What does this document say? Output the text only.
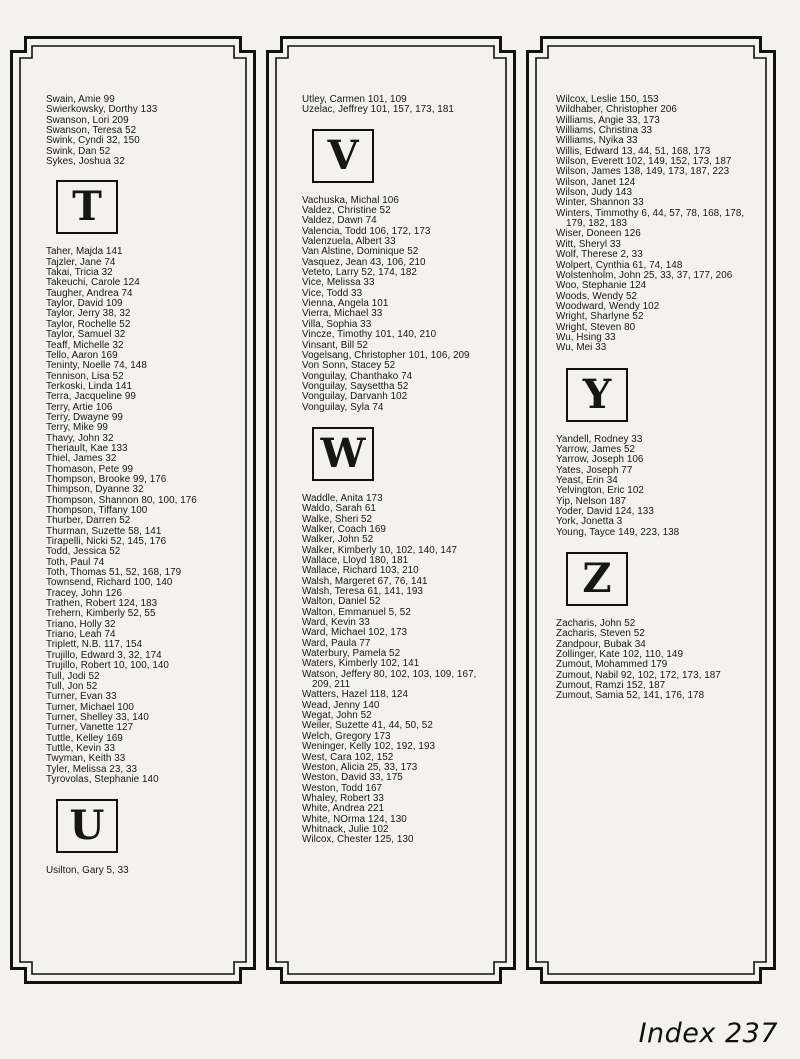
Swain, Amie 99
Swierkowsky, Dorthy 133
Swanson, Lori 209
Swanson, Teresa 52
Swink, Cyndi 32, 150
Swink, Dan 52
Sykes, Joshua 32
T
Taher, Majda 141
Tajzler, Jane 74
Takai, Tricia 32
Takeuchi, Carole 124
Taugher, Andrea 74
Taylor, David 109
Taylor, Jerry 38, 32
Taylor, Rochelle 52
Taylor, Samuel 32
Teaff, Michelle 32
Tello, Aaron 169
Teninty, Noelle 74, 148
Tennison, Lisa 52
Terkoski, Linda 141
Terra, Jacqueline 99
Terry, Artie 106
Terry, Dwayne 99
Terry, Mike 99
Thavy, John 32
Theriault, Kae 133
Thiel, James 32
Thomason, Pete 99
Thompson, Brooke 99, 176
Thimpson, Dyanne 32
Thompson, Shannon 80, 100, 176
Thompson, Tiffany 100
Thurber, Darren 52
Thurman, Suzette 58, 141
Tirapelli, Nicki 52, 145, 176
Todd, Jessica 52
Toth, Paul 74
Toth, Thomas 51, 52, 168, 179
Townsend, Richard 100, 140
Tracey, John 126
Trathen, Robert 124, 183
Trehern, Kimberly 52, 55
Triano, Holly 32
Triano, Leah 74
Triplett, N.B. 117, 154
Trujillo, Edward 3, 32, 174
Trujillo, Robert 10, 100, 140
Tull, Jodi 52
Tull, Jon 52
Turner, Evan 33
Turner, Michael 100
Turner, Shelley 33, 140
Turner, Vanette 127
Tuttle, Kelley 169
Tuttle, Kevin 33
Twyman, Keith 33
Tyler, Melissa 23, 33
Tyrovolas, Stephanie 140
U
Usilton, Gary 5, 33
Utley, Carmen 101, 109
Uzelac, Jeffrey 101, 157, 173, 181
V
Vachuska, Michal 106
Valdez, Christine 52
Valdez, Dawn 74
Valencia, Todd 106, 172, 173
Valenzuela, Albert 33
Van Alstine, Dominique 52
Vasquez, Jean 43, 106, 210
Veteto, Larry 52, 174, 182
Vice, Melissa 33
Vice, Todd 33
Vienna, Angela 101
Vierra, Michael 33
Villa, Sophia 33
Vincze, Timothy 101, 140, 210
Vinsant, Bill 52
Vogelsang, Christopher 101, 106, 209
Von Sonn, Stacey 52
Vonguilay, Chanthako 74
Vonguilay, Saysettha 52
Vonguilay, Darvanh 102
Vonguilay, Syla 74
W
Waddle, Anita 173
Waldo, Sarah 61
Walke, Sheri 52
Walker, Coach 169
Walker, John 52
Walker, Kimberly 10, 102, 140, 147
Wallace, Lloyd 180, 181
Wallace, Richard 103, 210
Walsh, Margeret 67, 76, 141
Walsh, Teresa 61, 141, 193
Walton, Daniel 52
Walton, Emmanuel 5, 52
Ward, Kevin 33
Ward, Michael 102, 173
Ward, Paula 77
Waterbury, Pamela 52
Waters, Kimberly 102, 141
Watson, Jeffery 80, 102, 103, 109, 167, 209, 211
Watters, Hazel 118, 124
Wead, Jenny 140
Wegat, John 52
Weiler, Suzette 41, 44, 50, 52
Welch, Gregory 173
Weninger, Kelly 102, 192, 193
West, Cara 102, 152
Weston, Alicia 25, 33, 173
Weston, David 33, 175
Weston, Todd 167
Whaley, Robert 33
White, Andrea 221
White, NOrma 124, 130
Whitnack, Julie 102
Wilcox, Chester 125, 130
Wilcox, Leslie 150, 153
Wildhaber, Christopher 206
Williams, Angie 33, 173
Williams, Christina 33
Williams, Nyika 33
Willis, Edward 13, 44, 51, 168, 173
Wilson, Everett 102, 149, 152, 173, 187
Wilson, James 138, 149, 173, 187, 223
Wilson, Janet 124
Wilson, Judy 143
Winter, Shannon 33
Winters, Timmothy 6, 44, 57, 78, 168, 178, 179, 182, 183
Wiser, Doneen 126
Witt, Sheryl 33
Wolf, Therese 2, 33
Wolpert, Cynthia 61, 74, 148
Wolstenholm, John 25, 33, 37, 177, 206
Woo, Stephanie 124
Woods, Wendy 52
Woodward, Wendy 102
Wright, Sharlyne 52
Wright, Steven 80
Wu, Hsing 33
Wu, Mei 33
Y
Yandell, Rodney 33
Yarrow, James 52
Yarrow, Joseph 106
Yates, Joseph 77
Yeast, Erin 34
Yelvington, Eric 102
Yip, Nelson 187
Yoder, David 124, 133
York, Jonetta 3
Young, Tayce 149, 223, 138
Z
Zacharis, John 52
Zacharis, Steven 52
Zandpour, Bubak 34
Zollinger, Kate 102, 110, 149
Zumout, Mohammed 179
Zumout, Nabil 92, 102, 172, 173, 187
Zumout, Ramzi 152, 187
Zumout, Samia 52, 141, 176, 178
Index 237
